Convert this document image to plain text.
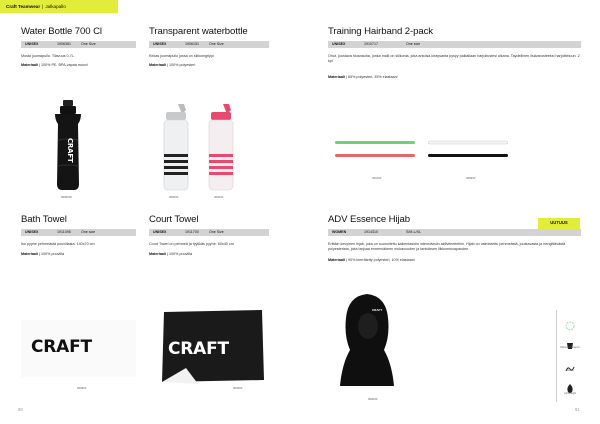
Craft Teamwear | Jalkapallo
Water Bottle 700 Cl
UNISEX	1906381	One Size
Musta juomapullo. Tilavuus 0,7L.
Materiaali | 100% PE. BPA-vapaa muovi
CRAFT
9999000
Transparent waterbottle
UNISEX	1906151	One Size
Kirkas juomapullo jossa on silikonigrippi
Materiaali | 100% polyesteri
999000	460000
Training Hairband 2-pack
UNISEX	1910717	One size
Ohut, joustava hiusnauha, jonka malli on silikonia, joka antoisa kiraysanta pysyy paikallaan harjoitustesi aikana. Taydellinen lisävarusteeksi harjoitteluun. 2 kpl
Materiaali | 65% polyesteri, 35% elastaani
361000	999900
Bath Towel
UNISEX	1911095	One size
Iso pyyhe pehmeästä puuvillasta. 140x70 cm
Materiaali | 100% puuvilla
CRAFT
999900
Court Towel
UNISEX	1911700	One Size
Court Towel on pehmeä ja tyylikäs pyyhe. 60x40 cm
Materiaali | 100% puuvilla
CRAFT
900900
UUTUUS
ADV Essence Hijab
WOMEN	1914310	S/M-L/XL
Erittäin kevyinen hijab, joka on suunniteltu kaikentasoiin intensiivisiin aktiviteetteihin. Hijab on valmistettu pehmeästä, joustavasta ja hengittävästä polyesterista, joka tarjoaa ennennäkeen mukavuuden ja fantoiksen liikkumisvapauden.
Materiaali | 90% kierrätetty polyesteri, 10% elastaani
CRAFT
999000
Moisture transport
Stretch
Lightweight
90	91
